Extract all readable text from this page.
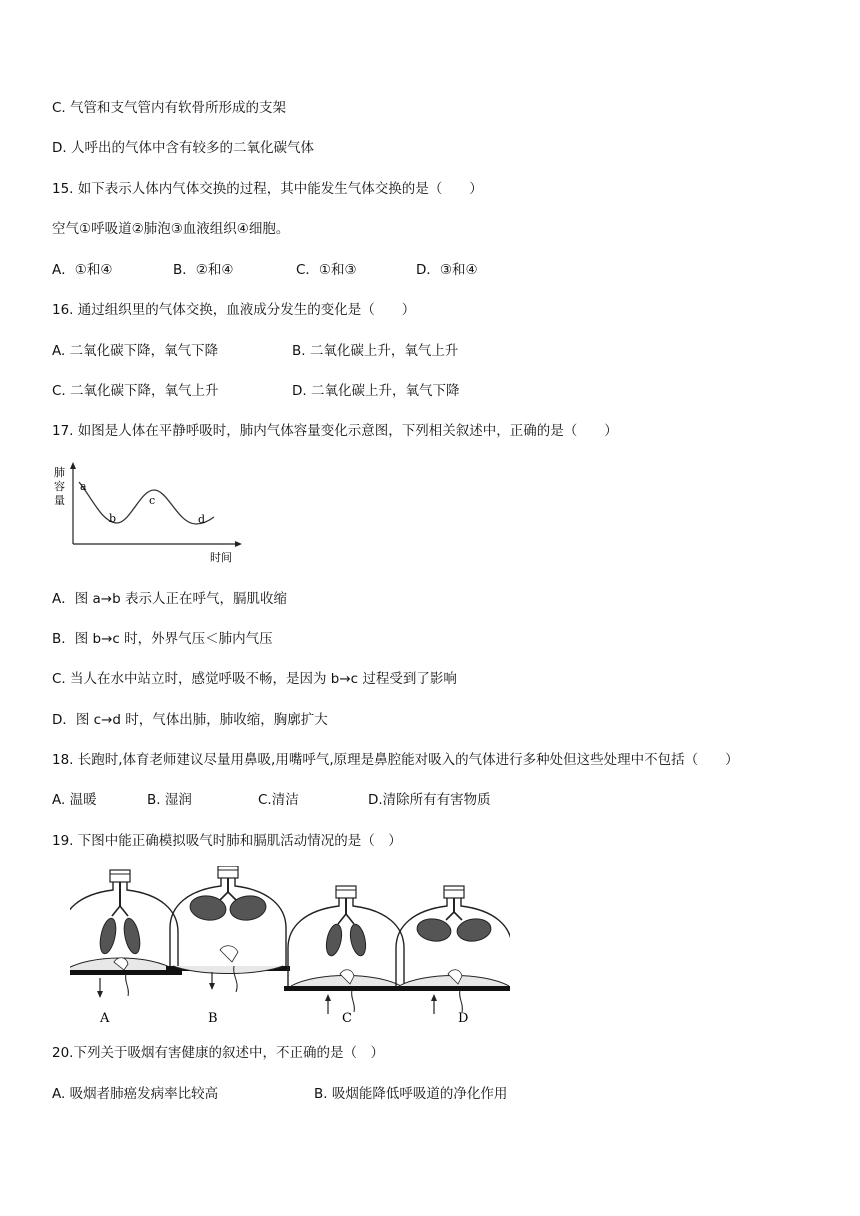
C. 气管和支气管内有软骨所形成的支架
D. 人呼出的气体中含有较多的二氧化碳气体
15. 如下表示人体内气体交换的过程，其中能发生气体交换的是（　　）
空气①呼吸道②肺泡③血液组织④细胞。
A．①和④	B．②和④	C．①和③	D．③和④
16. 通过组织里的气体交换，血液成分发生的变化是（　　）
A. 二氧化碳下降，氧气下降	B. 二氧化碳上升，氧气上升
C. 二氧化碳下降，氧气上升	D. 二氧化碳上升，氧气下降
17. 如图是人体在平静呼吸时，肺内气体容量变化示意图，下列相关叙述中，正确的是（　　）
肺
容
量
a
b
c
d
时间
A．图 a→b 表示人正在呼气，膈肌收缩
B．图 b→c 时，外界气压＜肺内气压
C. 当人在水中站立时，感觉呼吸不畅，是因为 b→c 过程受到了影响
D．图 c→d 时，气体出肺，肺收缩，胸廓扩大
18. 长跑时,体育老师建议尽量用鼻吸,用嘴呼气,原理是鼻腔能对吸入的气体进行多种处但这些处理中不包括（　　）
A. 温暖	B. 湿润	C.清洁	D.清除所有有害物质
19. 下图中能正确模拟吸气时肺和膈肌活动情况的是（　）
A	B	C	D
20.下列关于吸烟有害健康的叙述中，不正确的是（　）
A. 吸烟者肺癌发病率比较高	B. 吸烟能降低呼吸道的净化作用
